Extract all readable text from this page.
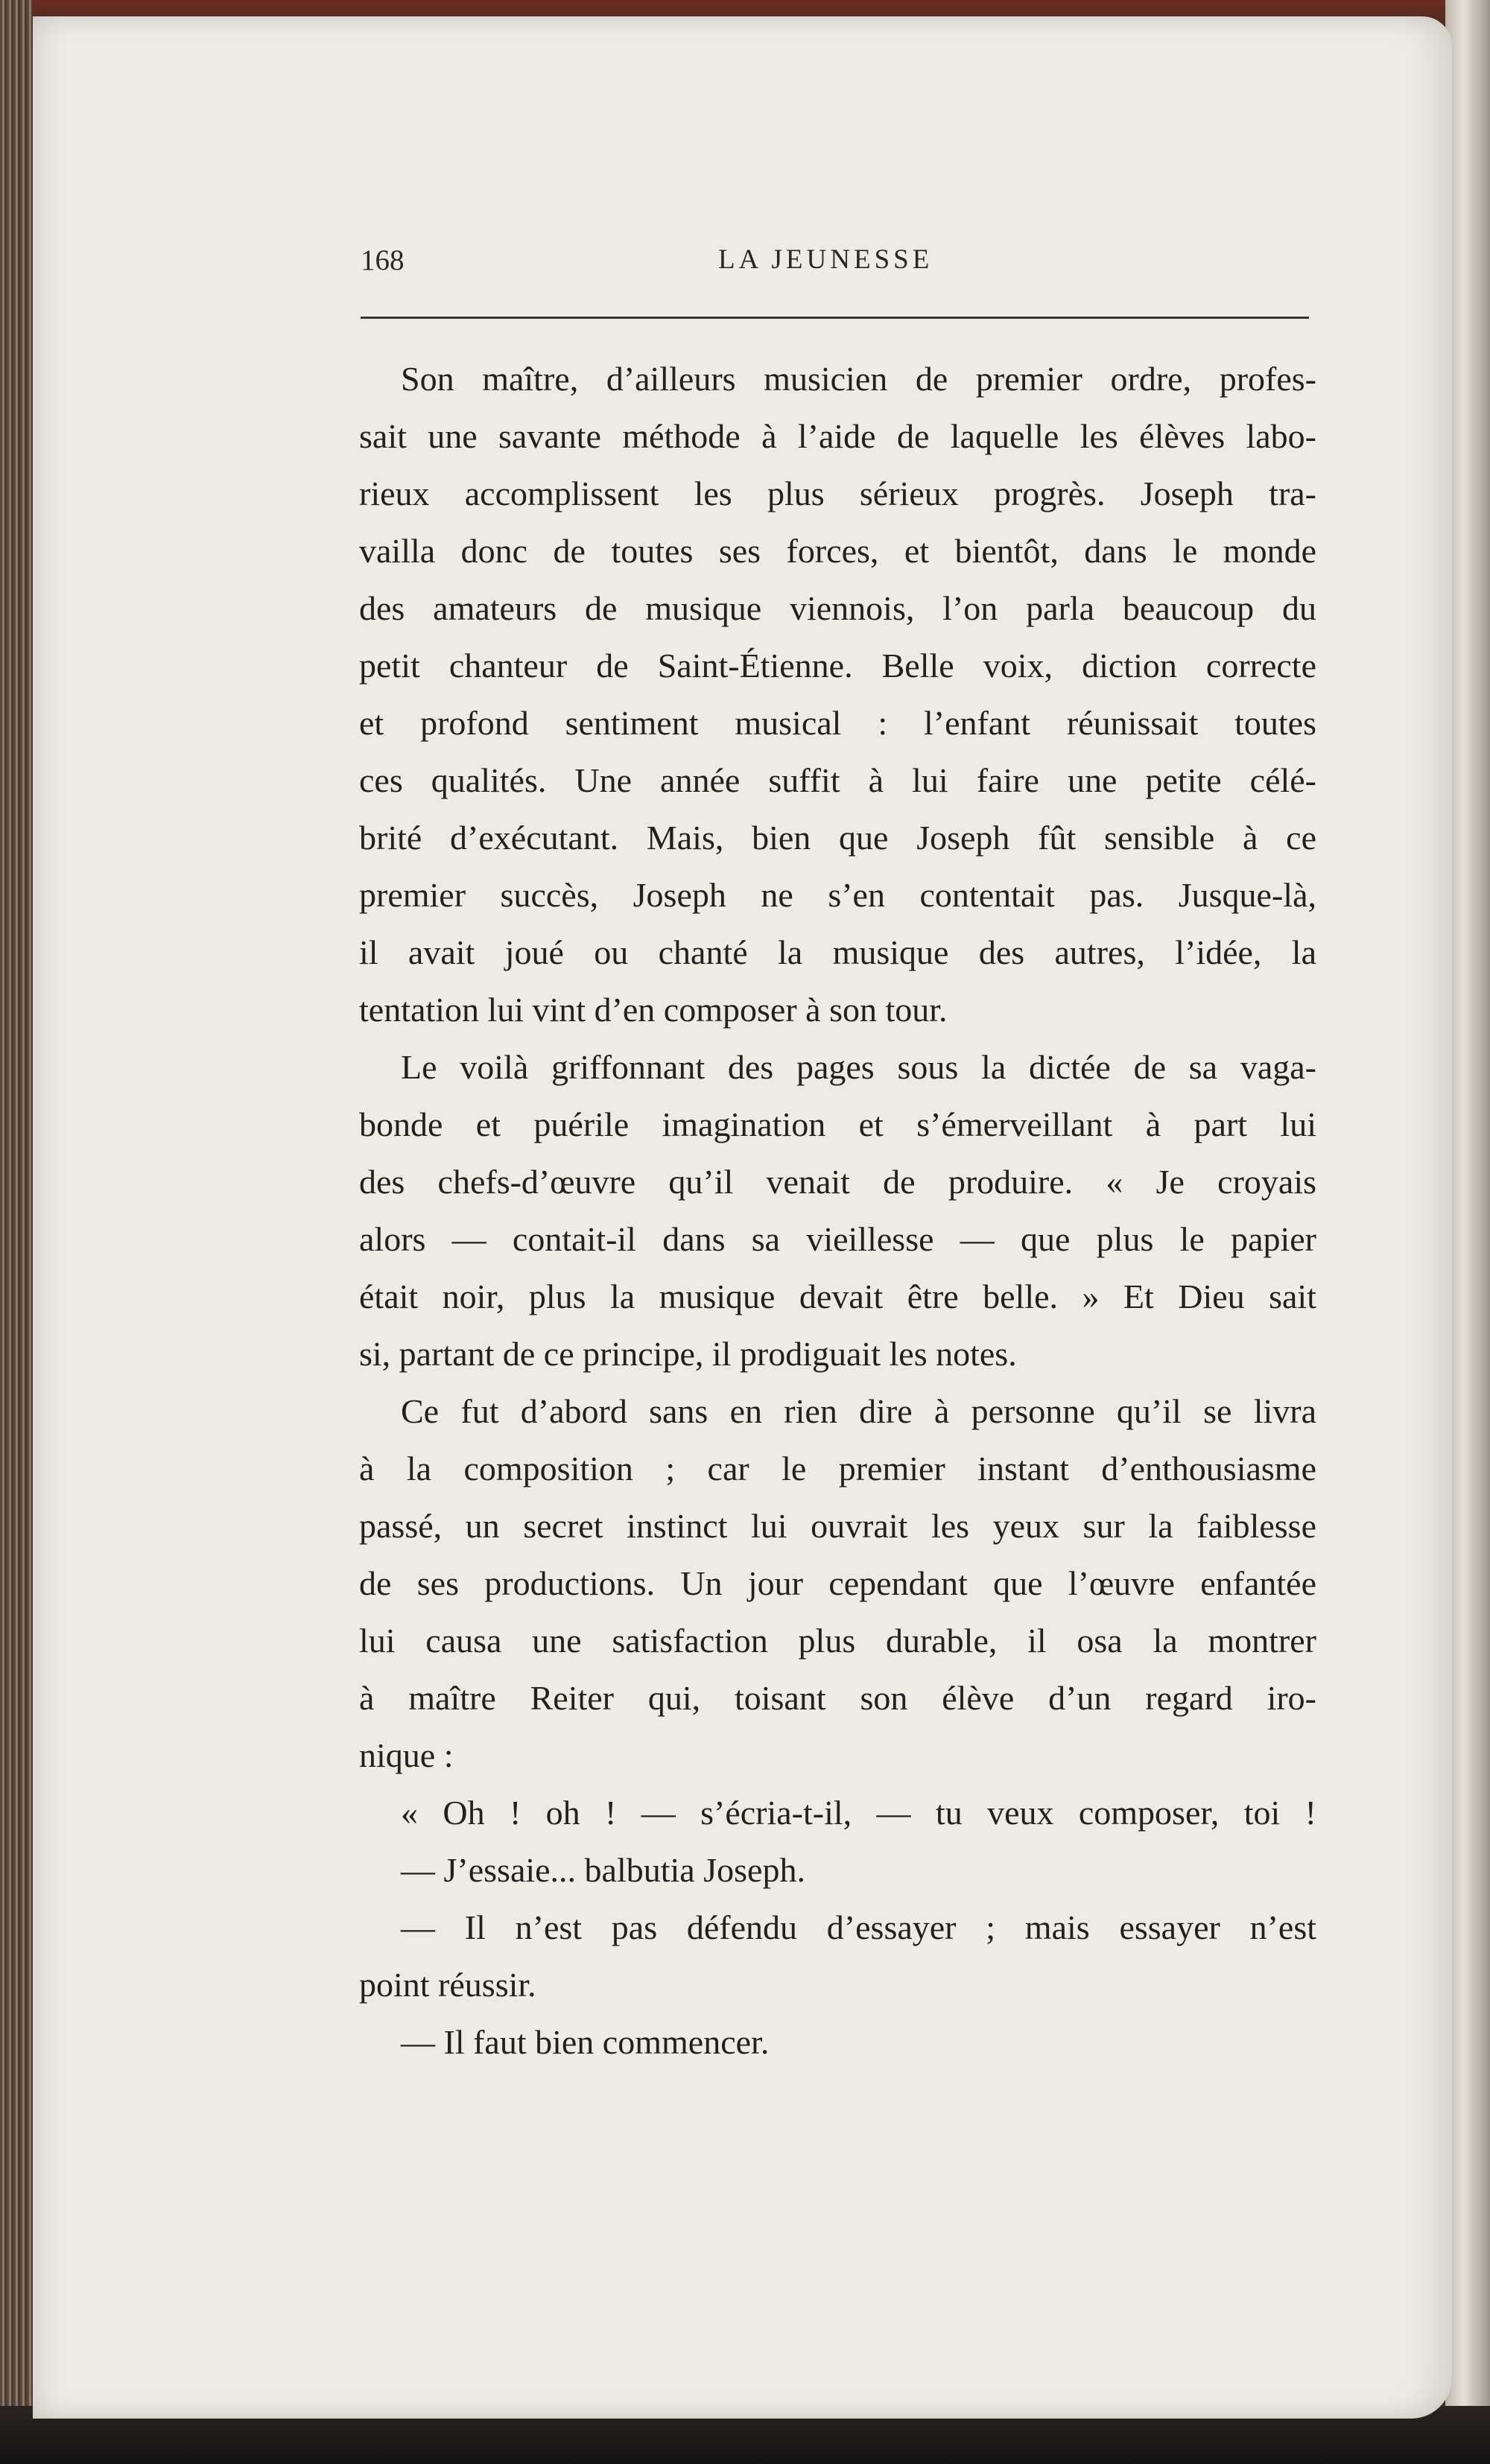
168	LA JEUNESSE
Son maître, d’ailleurs musicien de premier ordre, profes-
sait une savante méthode à l’aide de laquelle les élèves labo-
rieux accomplissent les plus sérieux progrès. Joseph tra-
vailla donc de toutes ses forces, et bientôt, dans le monde
des amateurs de musique viennois, l’on parla beaucoup du
petit chanteur de Saint-Étienne. Belle voix, diction correcte
et profond sentiment musical : l’enfant réunissait toutes
ces qualités. Une année suffit à lui faire une petite célé-
brité d’exécutant. Mais, bien que Joseph fût sensible à ce
premier succès, Joseph ne s’en contentait pas. Jusque-là,
il avait joué ou chanté la musique des autres, l’idée, la
tentation lui vint d’en composer à son tour.
Le voilà griffonnant des pages sous la dictée de sa vaga-
bonde et puérile imagination et s’émerveillant à part lui
des chefs-d’œuvre qu’il venait de produire. « Je croyais
alors — contait-il dans sa vieillesse — que plus le papier
était noir, plus la musique devait être belle. » Et Dieu sait
si, partant de ce principe, il prodiguait les notes.
Ce fut d’abord sans en rien dire à personne qu’il se livra
à la composition ; car le premier instant d’enthousiasme
passé, un secret instinct lui ouvrait les yeux sur la faiblesse
de ses productions. Un jour cependant que l’œuvre enfantée
lui causa une satisfaction plus durable, il osa la montrer
à maître Reiter qui, toisant son élève d’un regard iro-
nique :
« Oh ! oh ! — s’écria-t-il, — tu veux composer, toi !
— J’essaie... balbutia Joseph.
— Il n’est pas défendu d’essayer ; mais essayer n’est
point réussir.
— Il faut bien commencer.
